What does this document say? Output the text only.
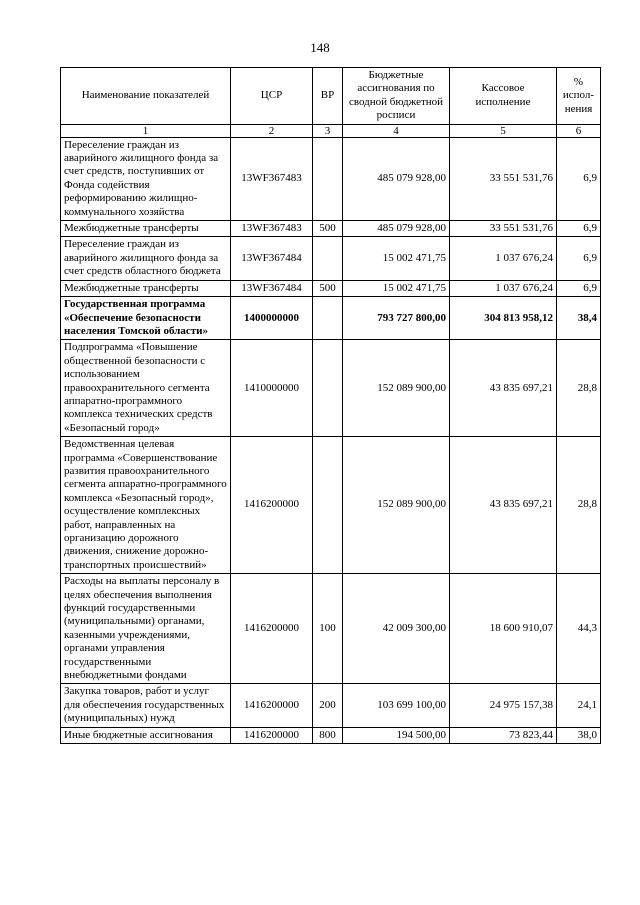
148
Наименование показателей	ЦСР	ВР	Бюджетные ассигнования по сводной бюджетной росписи	Кассовое исполнение	% испол-нения
1	2	3	4	5	6
Переселение граждан из аварийного жилищного фонда за счет средств, поступивших от Фонда содействия реформированию жилищно-коммунального хозяйства	13WF367483		485 079 928,00	33 551 531,76	6,9
Межбюджетные трансферты	13WF367483	500	485 079 928,00	33 551 531,76	6,9
Переселение граждан из аварийного жилищного фонда за счет средств областного бюджета	13WF367484		15 002 471,75	1 037 676,24	6,9
Межбюджетные трансферты	13WF367484	500	15 002 471,75	1 037 676,24	6,9
Государственная программа «Обеспечение безопасности населения Томской области»	1400000000		793 727 800,00	304 813 958,12	38,4
Подпрограмма «Повышение общественной безопасности с использованием правоохранительного сегмента аппаратно-программного комплекса технических средств «Безопасный город»	1410000000		152 089 900,00	43 835 697,21	28,8
Ведомственная целевая программа «Совершенствование развития правоохранительного сегмента аппаратно-программного комплекса «Безопасный город», осуществление комплексных работ, направленных на организацию дорожного движения, снижение дорожно-транспортных происшествий»	1416200000		152 089 900,00	43 835 697,21	28,8
Расходы на выплаты персоналу в целях обеспечения выполнения функций государственными (муниципальными) органами, казенными учреждениями, органами управления государственными внебюджетными фондами	1416200000	100	42 009 300,00	18 600 910,07	44,3
Закупка товаров, работ и услуг для обеспечения государственных (муниципальных) нужд	1416200000	200	103 699 100,00	24 975 157,38	24,1
Иные бюджетные ассигнования	1416200000	800	194 500,00	73 823,44	38,0
